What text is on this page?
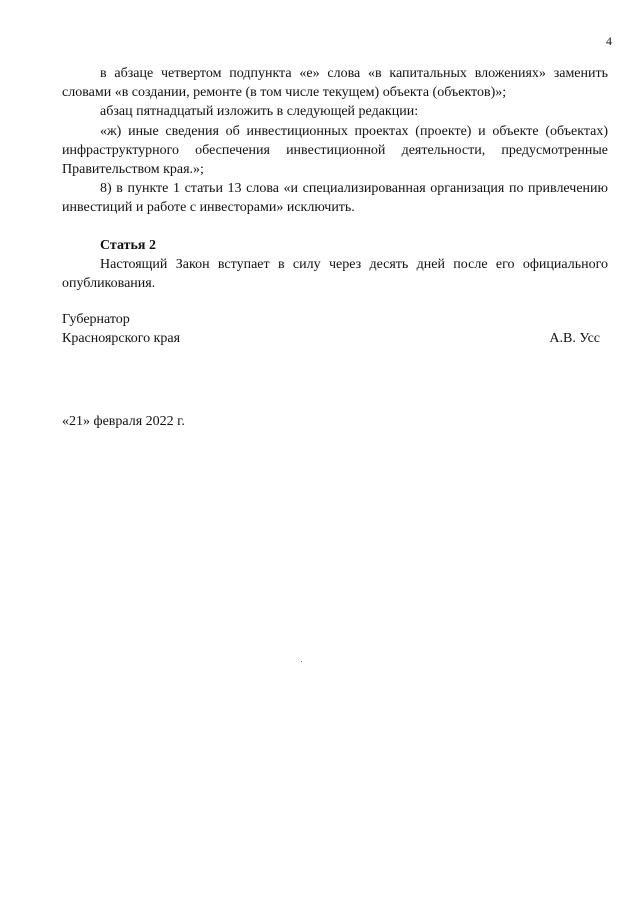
4

в абзаце четвертом подпункта «е» слова «в капитальных вложениях» заменить словами «в создании, ремонте (в том числе текущем) объекта (объектов)»;

абзац пятнадцатый изложить в следующей редакции:

«ж) иные сведения об инвестиционных проектах (проекте) и объекте (объектах) инфраструктурного обеспечения инвестиционной деятельности, предусмотренные Правительством края.»;

8) в пункте 1 статьи 13 слова «и специализированная организация по привлечению инвестиций и работе с инвесторами» исключить.

Статья 2

Настоящий Закон вступает в силу через десять дней после его официального опубликования.

Губернатор
Красноярского края	А.В. Усс
«21» февраля 2022 г.
